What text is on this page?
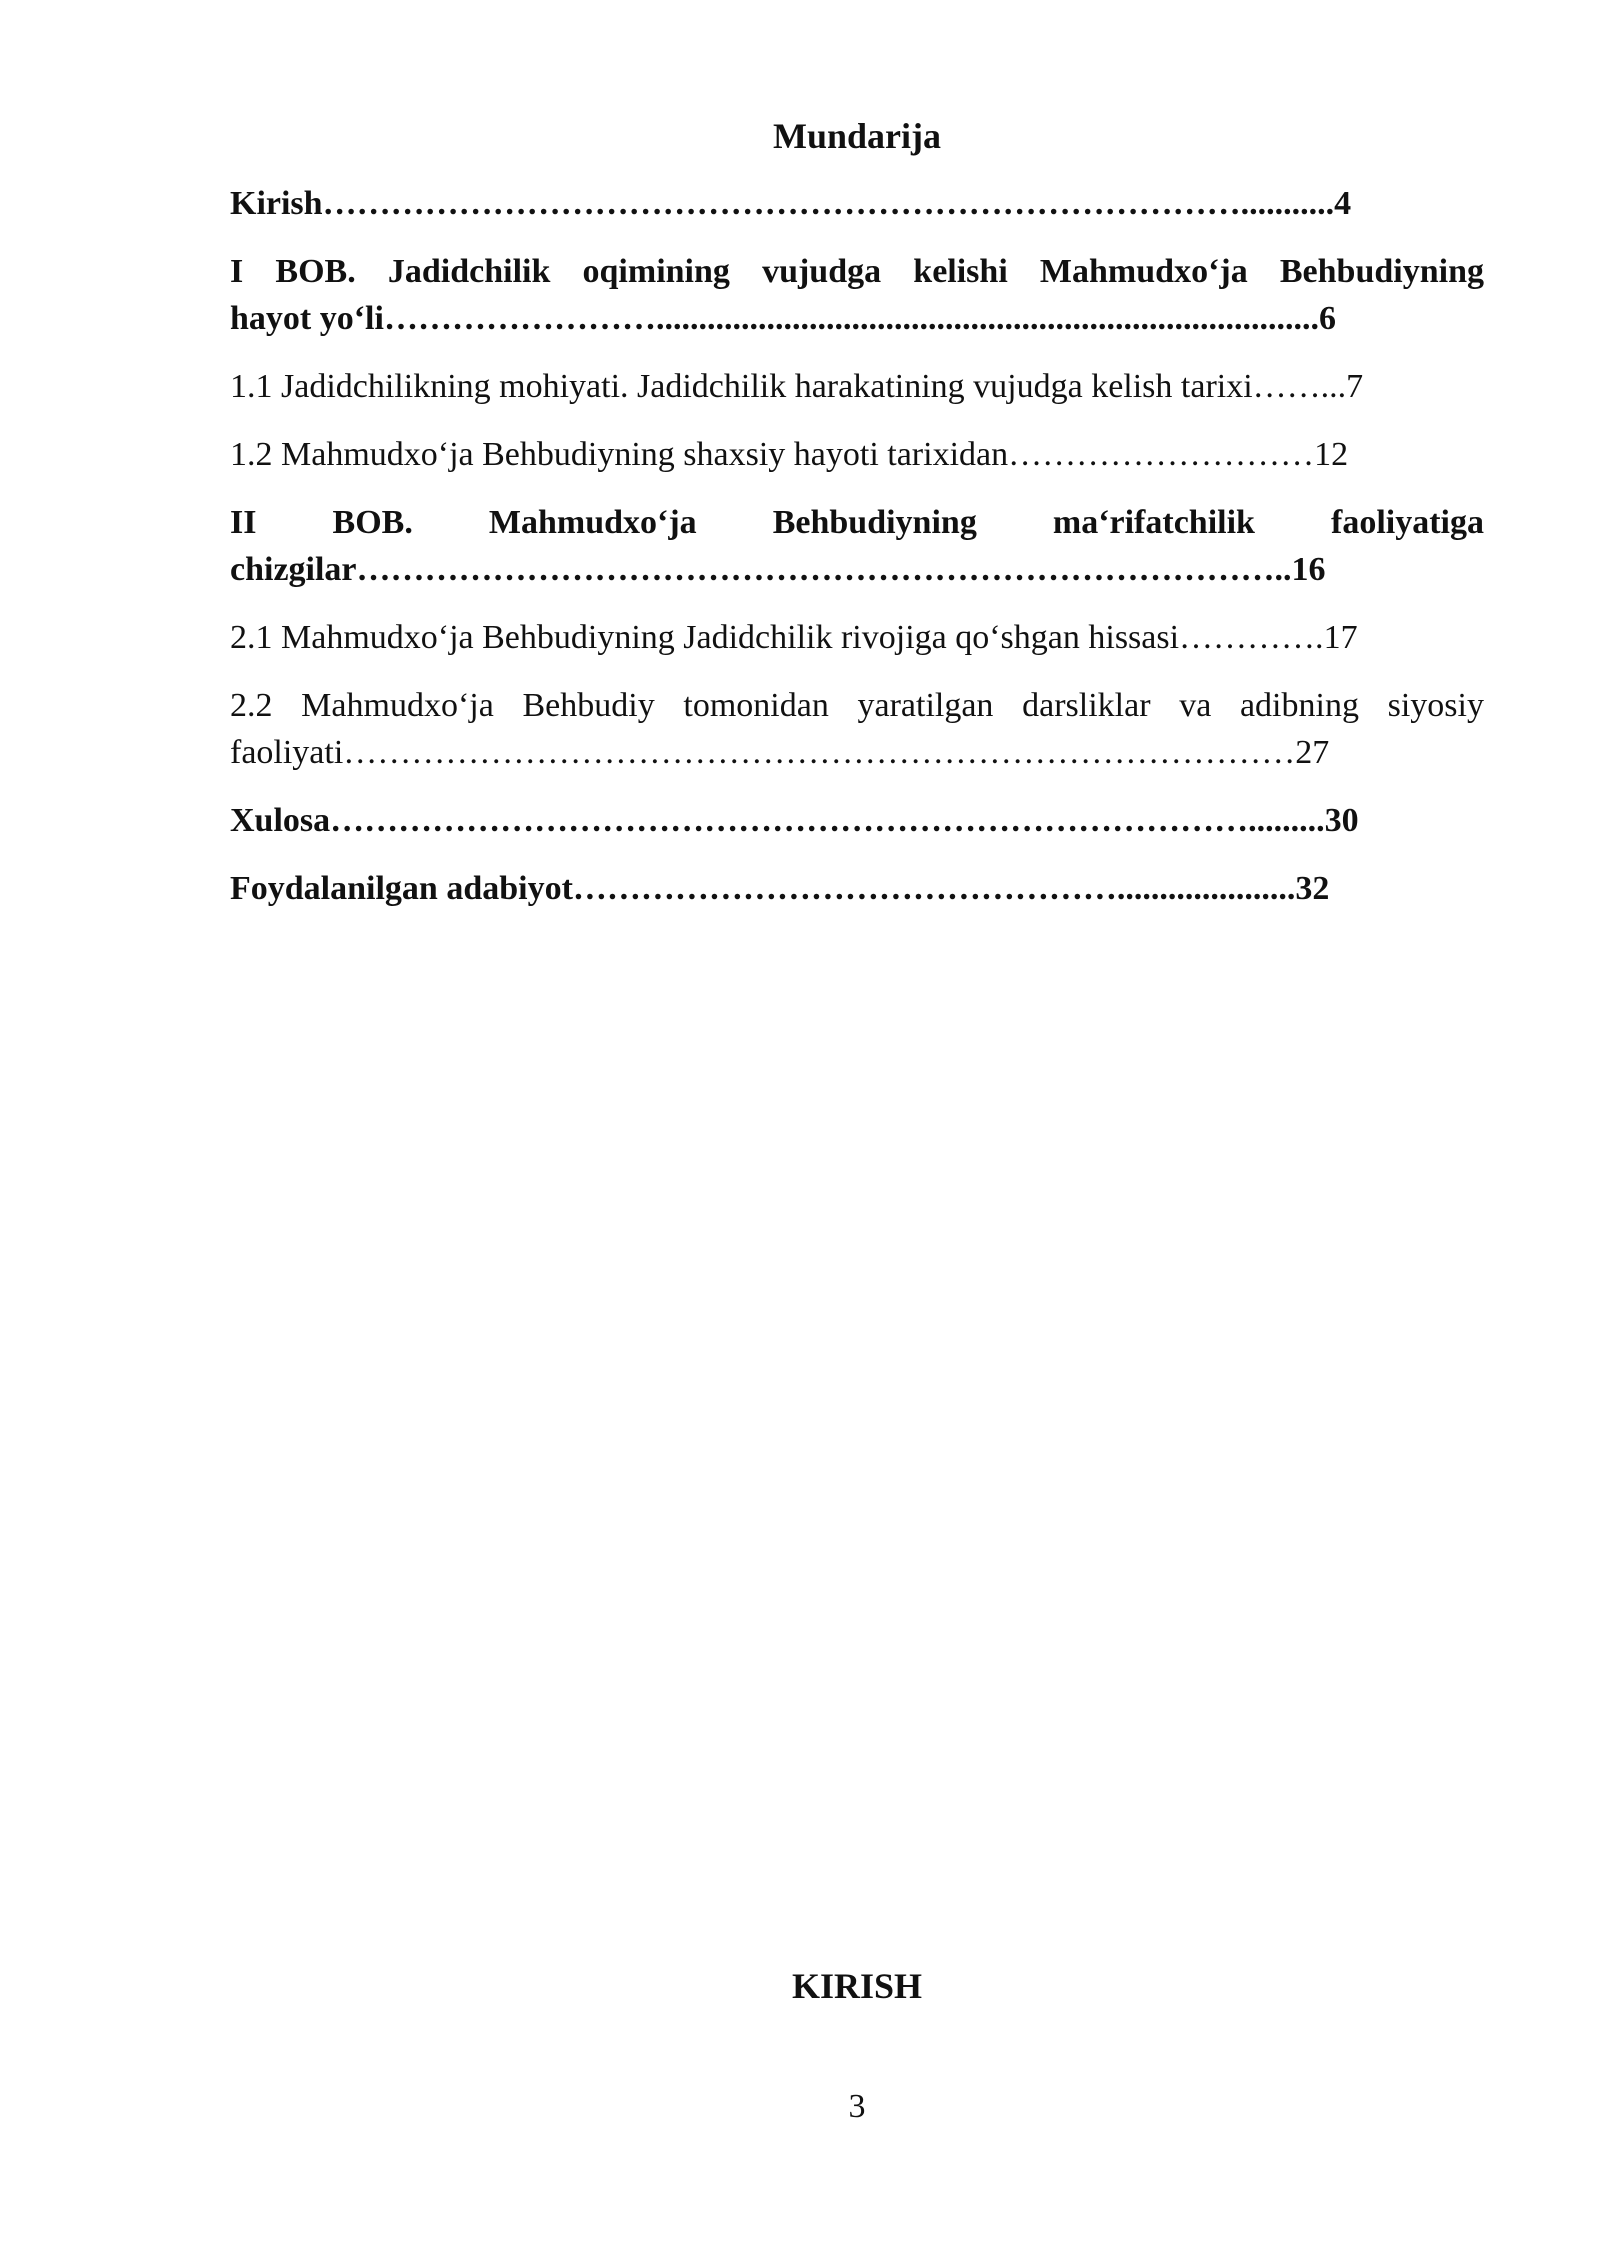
Mundarija
Kirish………………………………………………………………………...........4
I BOB. Jadidchilik oqimining vujudga kelishi Mahmudxo‘ja Behbudiyning
hayot yo‘li……………………..............................................................................6
1.1 Jadidchilikning mohiyati. Jadidchilik harakatining vujudga kelish tarixi……...7
1.2 Mahmudxo‘ja Behbudiyning shaxsiy hayoti tarixidan………………………12
II BOB. Mahmudxo‘ja Behbudiyning ma‘rifatchilik faoliyatiga
chizgilar………………………………………………………………………..16
2.1 Mahmudxo‘ja Behbudiyning Jadidchilik rivojiga qo‘shgan hissasi………….17
2.2 Mahmudxo‘ja Behbudiy tomonidan yaratilgan darsliklar va adibning siyosiy
faoliyati…………………………………………………………………………27
Xulosa……………………………………………………………………….........30
Foydalanilgan adabiyot………………………………………….....................32
KIRISH
3
